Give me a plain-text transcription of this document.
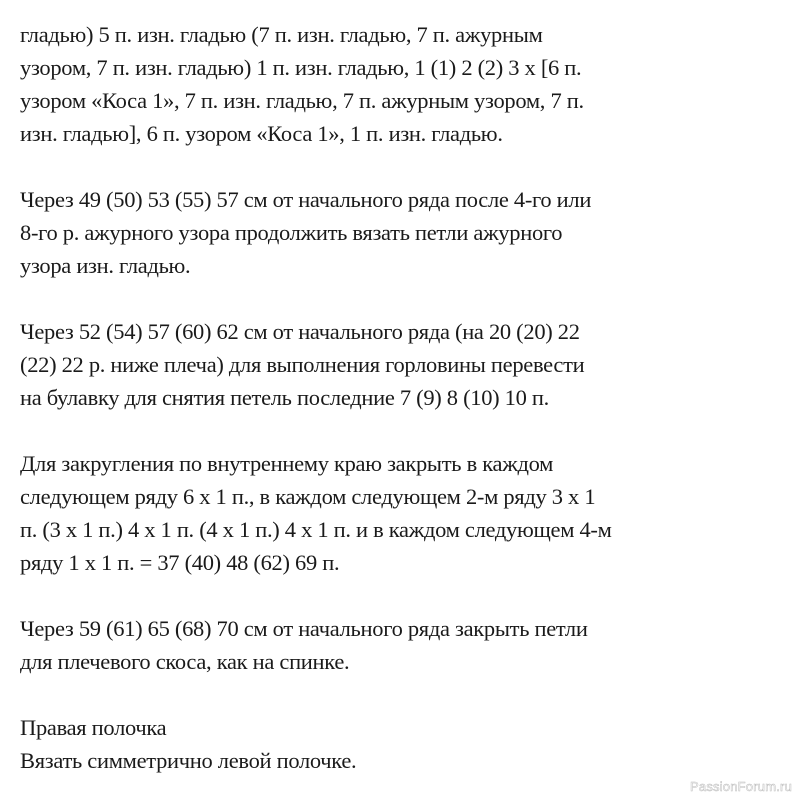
гладью) 5 п. изн. гладью (7 п. изн. гладью, 7 п. ажурным
узором, 7 п. изн. гладью) 1 п. изн. гладью, 1 (1) 2 (2) 3 х [6 п.
узором «Коса 1», 7 п. изн. гладью, 7 п. ажурным узором, 7 п.
изн. гладью], 6 п. узором «Коса 1», 1 п. изн. гладью.
Через 49 (50) 53 (55) 57 см от начального ряда после 4-го или
8-го р. ажурного узора продолжить вязать петли ажурного
узора изн. гладью.
Через 52 (54) 57 (60) 62 см от начального ряда (на 20 (20) 22
(22) 22 р. ниже плеча) для выполнения горловины перевести
на булавку для снятия петель последние 7 (9) 8 (10) 10 п.
Для закругления по внутреннему краю закрыть в каждом
следующем ряду 6 х 1 п., в каждом следующем 2-м ряду 3 х 1
п. (3 х 1 п.) 4 х 1 п. (4 х 1 п.) 4 х 1 п. и в каждом следующем 4-м
ряду 1 х 1 п. = 37 (40) 48 (62) 69 п.
Через 59 (61) 65 (68) 70 см от начального ряда закрыть петли
для плечевого скоса, как на спинке.
Правая полочка
Вязать симметрично левой полочке.
PassionForum.ru
